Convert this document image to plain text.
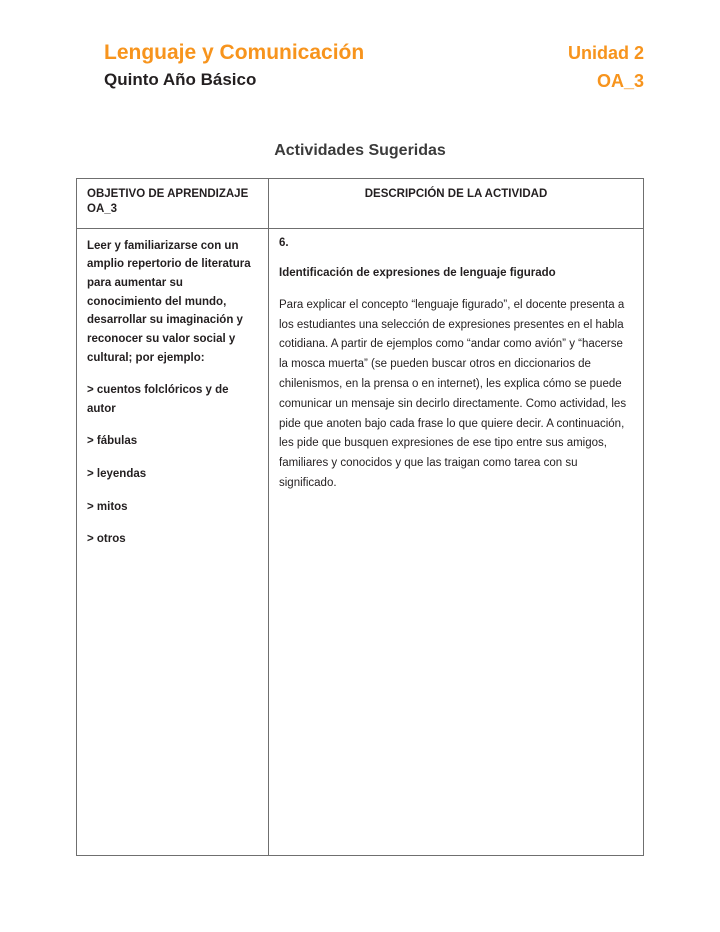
Lenguaje y Comunicación
Quinto Año Básico
Unidad 2
OA_3
Actividades Sugeridas
OBJETIVO DE APRENDIZAJE OA_3	DESCRIPCIÓN DE LA ACTIVIDAD

Leer y familiarizarse con un amplio repertorio de literatura para aumentar su conocimiento del mundo, desarrollar su imaginación y reconocer su valor social y cultural; por ejemplo:
> cuentos folclóricos y de autor
> fábulas
> leyendas
> mitos
> otros

6.
Identificación de expresiones de lenguaje figurado
Para explicar el concepto “lenguaje figurado”, el docente presenta a los estudiantes una selección de expresiones presentes en el habla cotidiana. A partir de ejemplos como “andar como avión” y “hacerse la mosca muerta” (se pueden buscar otros en diccionarios de chilenismos, en la prensa o en internet), les explica cómo se puede comunicar un mensaje sin decirlo directamente. Como actividad, les pide que anoten bajo cada frase lo que quiere decir. A continuación, les pide que busquen expresiones de ese tipo entre sus amigos, familiares y conocidos y que las traigan como tarea con su significado.
